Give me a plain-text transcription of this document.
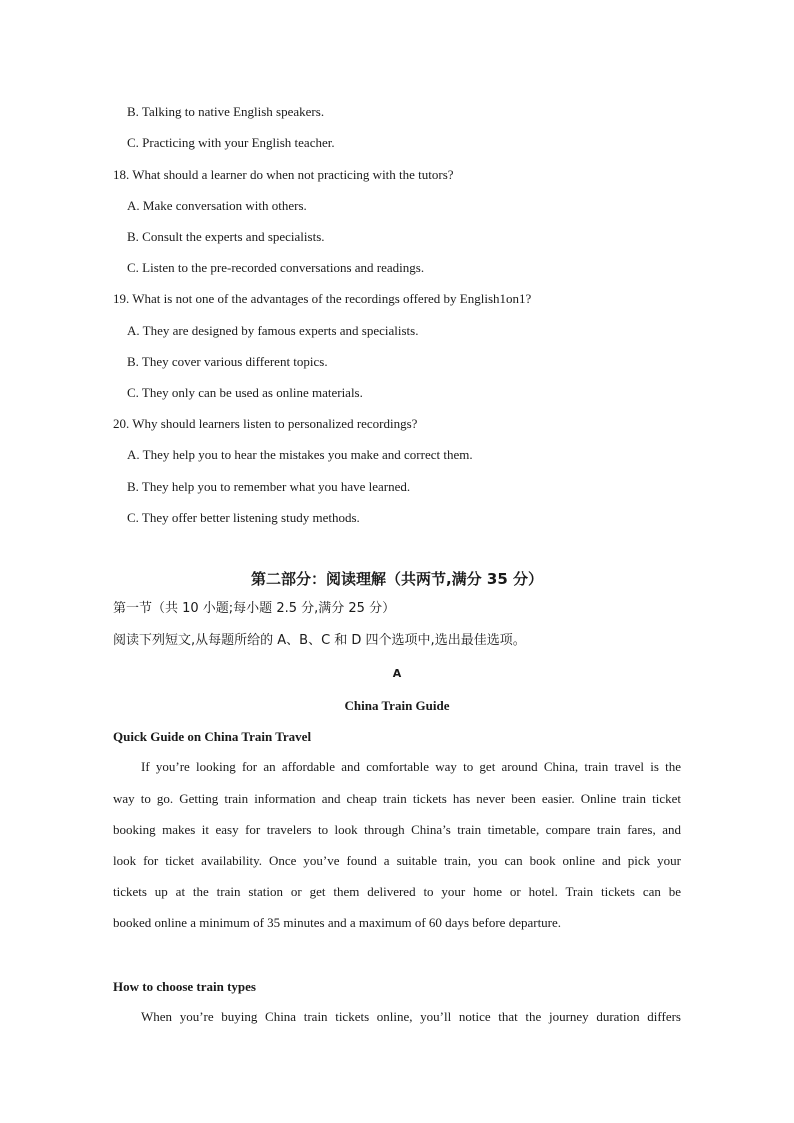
B. Talking to native English speakers.
C. Practicing with your English teacher.
18. What should a learner do when not practicing with the tutors?
A. Make conversation with others.
B. Consult the experts and specialists.
C. Listen to the pre-recorded conversations and readings.
19. What is not one of the advantages of the recordings offered by English1on1?
A. They are designed by famous experts and specialists.
B. They cover various different topics.
C. They only can be used as online materials.
20. Why should learners listen to personalized recordings?
A. They help you to hear the mistakes you make and correct them.
B. They help you to remember what you have learned.
C. They offer better listening study methods.
第二部分：阅读理解（共两节,满分 35 分）
第一节（共 10 小题;每小题 2.5 分,满分 25 分）
阅读下列短文,从每题所给的 A、B、C 和 D 四个选项中,选出最佳选项。
A
China Train Guide
Quick Guide on China Train Travel
If you’re looking for an affordable and comfortable way to get around China, train travel is the
way to go. Getting train information and cheap train tickets has never been easier. Online train ticket
booking makes it easy for travelers to look through China’s train timetable, compare train fares, and
look for ticket availability. Once you’ve found a suitable train, you can book online and pick your
tickets up at the train station or get them delivered to your home or hotel. Train tickets can be
booked online a minimum of 35 minutes and a maximum of 60 days before departure.
How to choose train types
When you’re buying China train tickets online, you’ll notice that the journey duration differs
